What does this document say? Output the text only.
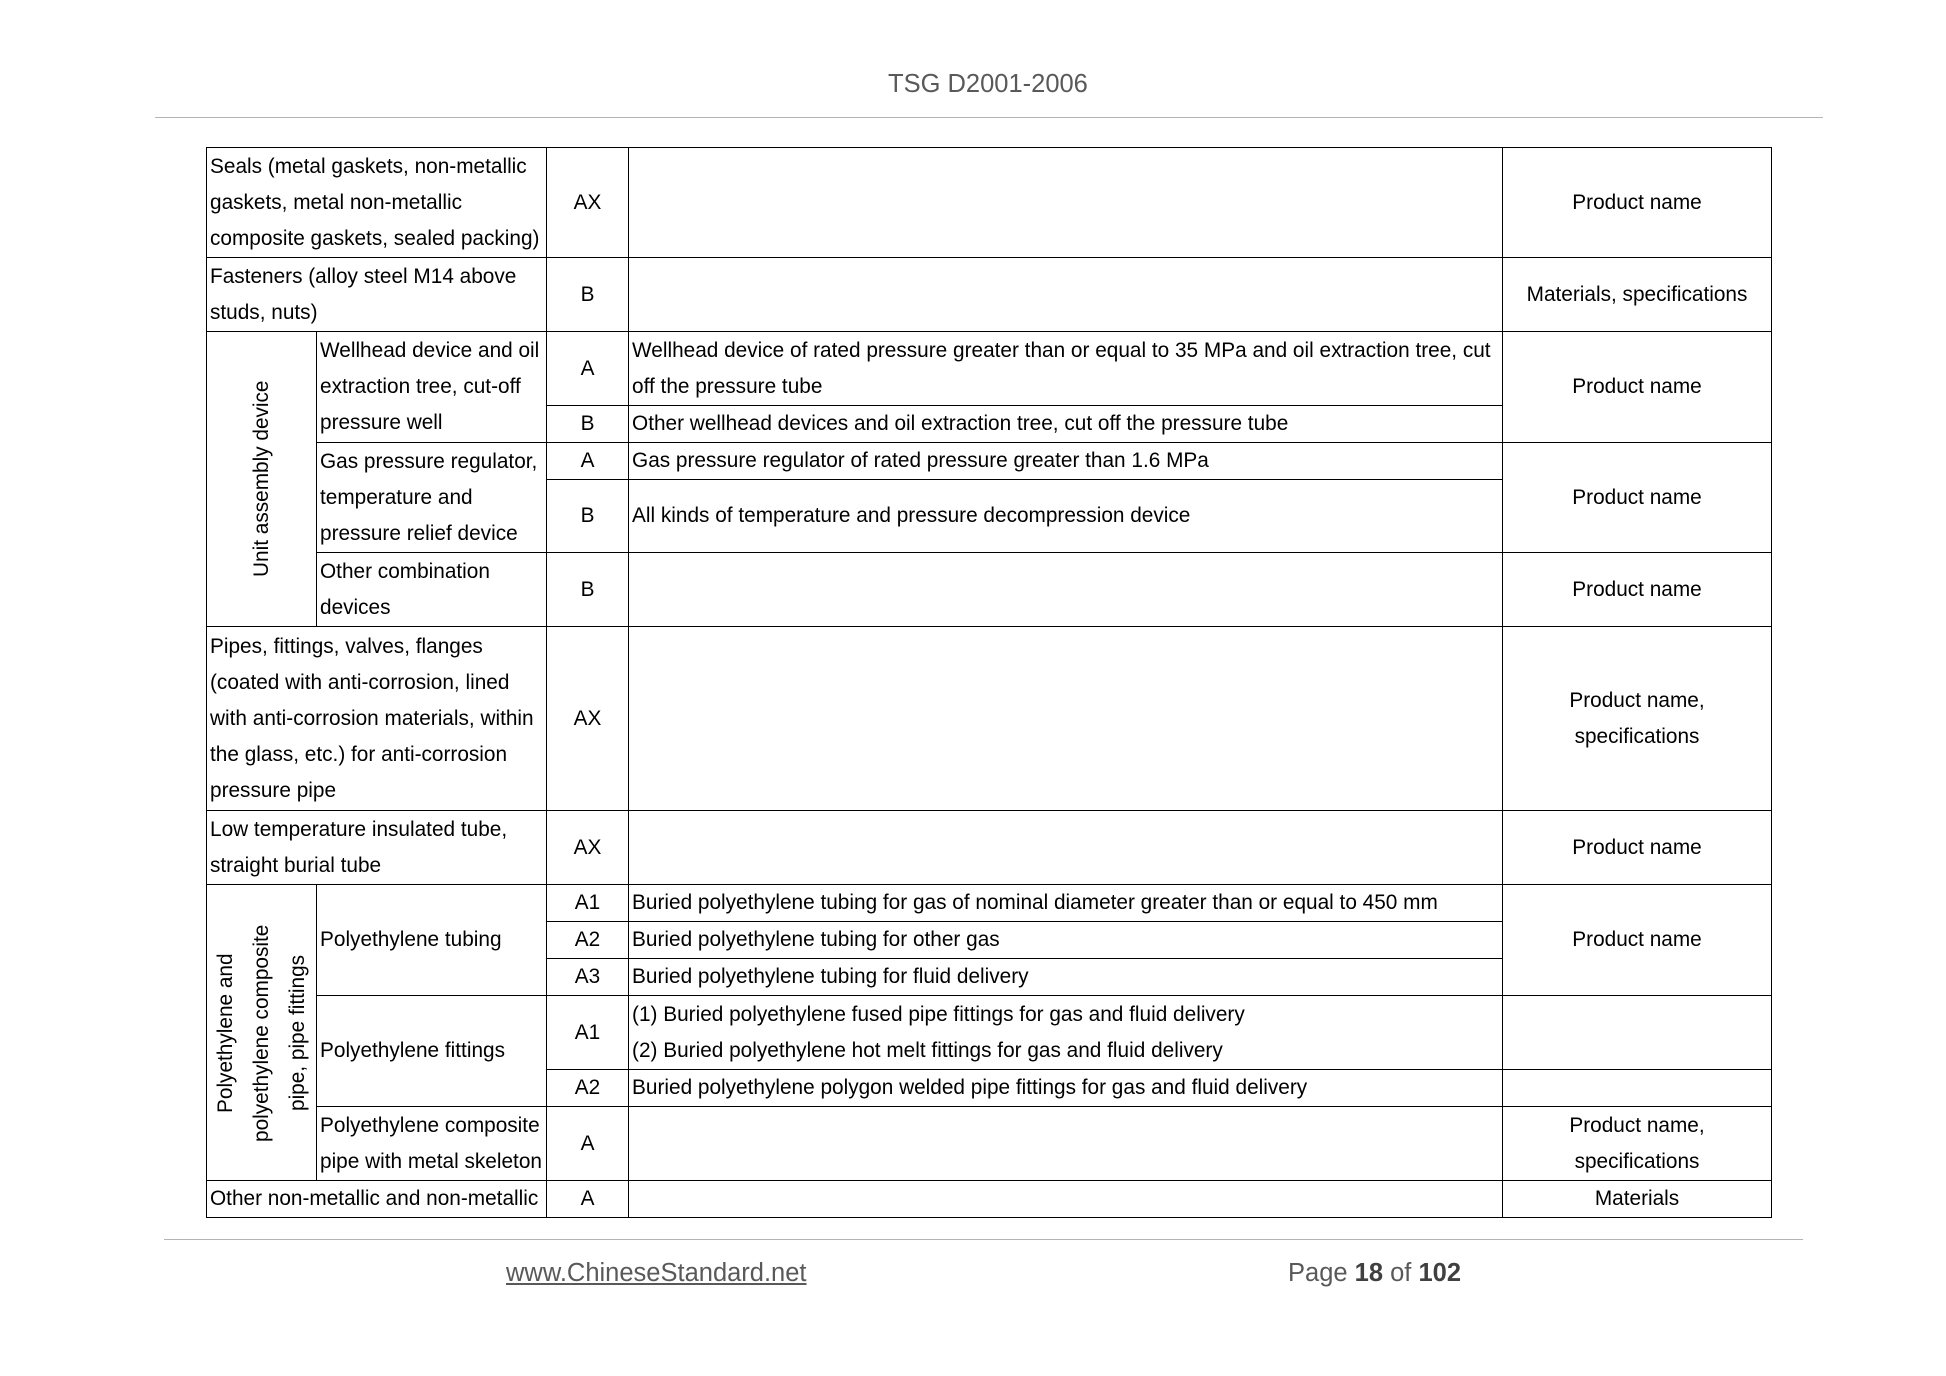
TSG D2001-2006
Seals (metal gaskets, non-metallic gaskets, metal non-metallic composite gaskets, sealed packing)		AX		Product name
Fasteners (alloy steel M14 above studs, nuts)		B		Materials, specifications
Unit assembly device	Wellhead device and oil extraction tree, cut-off pressure well	A	Wellhead device of rated pressure greater than or equal to 35 MPa and oil extraction tree, cut off the pressure tube	Product name
		B	Other wellhead devices and oil extraction tree, cut off the pressure tube	
	Gas pressure regulator, temperature and pressure relief device	A	Gas pressure regulator of rated pressure greater than 1.6 MPa	Product name
		B	All kinds of temperature and pressure decompression device	
	Other combination devices	B		Product name
Pipes, fittings, valves, flanges (coated with anti-corrosion, lined with anti-corrosion materials, within the glass, etc.) for anti-corrosion pressure pipe		AX		Product name, specifications
Low temperature insulated tube, straight burial tube		AX		Product name
Polyethylene and polyethylene composite pipe, pipe fittings	Polyethylene tubing	A1	Buried polyethylene tubing for gas of nominal diameter greater than or equal to 450 mm	Product name
		A2	Buried polyethylene tubing for other gas	
		A3	Buried polyethylene tubing for fluid delivery	
	Polyethylene fittings	A1	(1) Buried polyethylene fused pipe fittings for gas and fluid delivery
(2) Buried polyethylene hot melt fittings for gas and fluid delivery	

		A2	Buried polyethylene polygon welded pipe fittings for gas and fluid delivery	
	Polyethylene composite pipe with metal skeleton	A		Product name, specifications
Other non-metallic and non-metallic		A		Materials
www.ChineseStandard.net	Page 18 of 102
